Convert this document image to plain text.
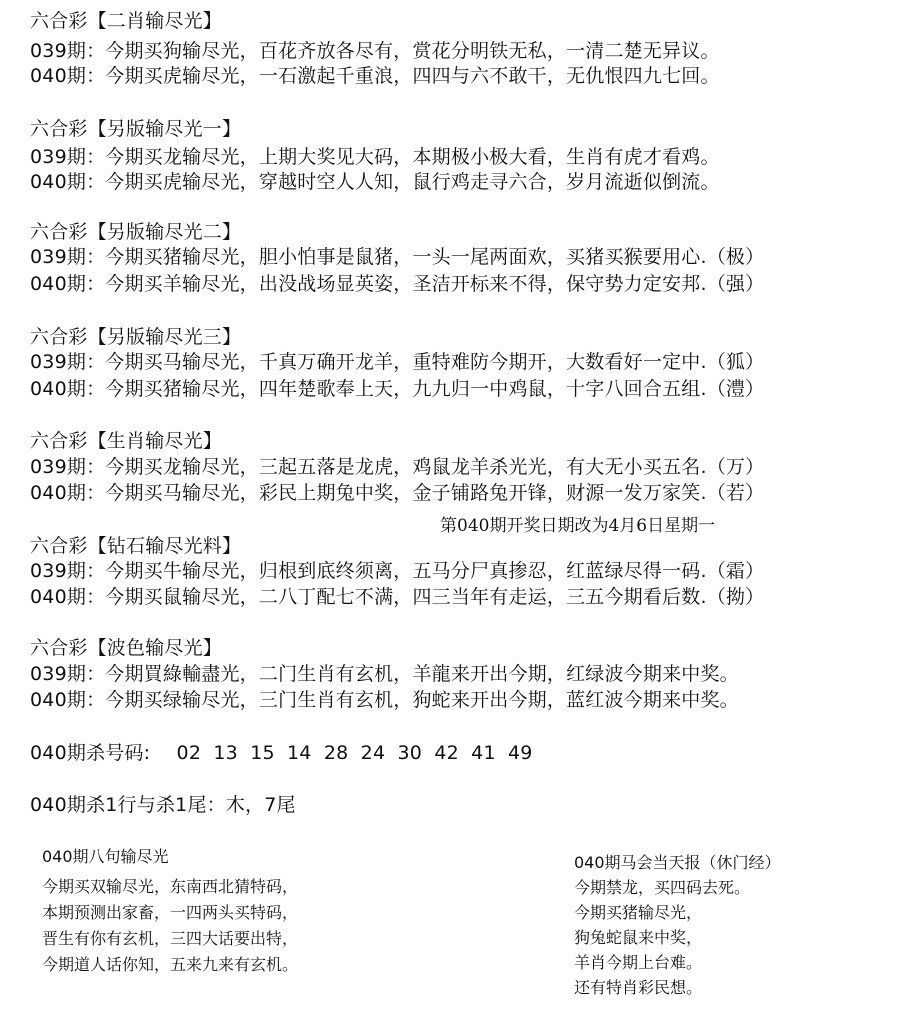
六合彩【二肖输尽光】
039期：今期买狗输尽光，百花齐放各尽有，赏花分明铁无私，一清二楚无异议。
040期：今期买虎输尽光，一石激起千重浪，四四与六不敢干，无仇恨四九七回。
六合彩【另版输尽光一】
039期：今期买龙输尽光，上期大奖见大码，本期极小极大看，生肖有虎才看鸡。
040期：今期买虎输尽光，穿越时空人人知，鼠行鸡走寻六合，岁月流逝似倒流。
六合彩【另版输尽光二】
039期：今期买猪输尽光，胆小怕事是鼠猪，一头一尾两面欢，买猪买猴要用心.（极）
040期：今期买羊输尽光，出没战场显英姿，圣洁开标来不得，保守势力定安邦.（强）
六合彩【另版输尽光三】
039期：今期买马输尽光，千真万确开龙羊，重特难防今期开，大数看好一定中.（狐）
040期：今期买猪输尽光，四年楚歌奉上天，九九归一中鸡鼠，十字八回合五组.（澧）
六合彩【生肖输尽光】
039期：今期买龙输尽光，三起五落是龙虎，鸡鼠龙羊杀光光，有大无小买五名.（万）
040期：今期买马输尽光，彩民上期兔中奖，金子铺路兔开锋，财源一发万家笑.（若）
第040期开奖日期改为4月6日星期一
六合彩【钻石输尽光料】
039期：今期买牛输尽光，归根到底终须离，五马分尸真掺忍，红蓝绿尽得一码.（霜）
040期：今期买鼠输尽光，二八丁配七不满，四三当年有走运，三五今期看后数.（拗）
六合彩【波色输尽光】
039期：今期買綠輸盡光，二门生肖有玄机，羊龍来开出今期，红绿波今期来中奖。
040期：今期买绿输尽光，三门生肖有玄机，狗蛇来开出今期，蓝红波今期来中奖。
040期杀号码: 02 13 15 14 28 24 30 42 41 49
040期杀1行与杀1尾：木，7尾
040期八句输尽光
今期买双输尽光，东南西北猜特码，
本期预测出家畜，一四两头买特码，
晋生有你有玄机，三四大话要出特，
今期道人话你知，五来九来有玄机。
040期马会当天报（休门经）
今期禁龙，买四码去死。
今期买猪输尽光，
狗兔蛇鼠来中奖，
羊肖今期上台难。
还有特肖彩民想。
